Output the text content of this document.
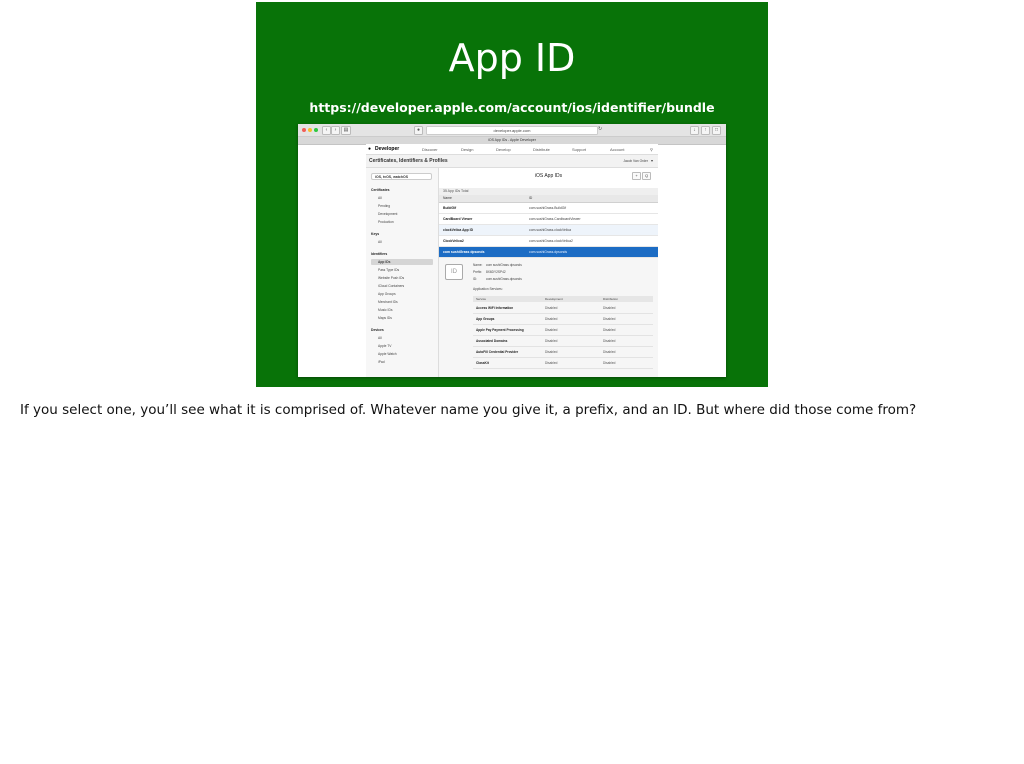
App ID
https://developer.apple.com/account/ios/identifier/bundle
‹	›	▤	●	developer.apple.com	↻	↓	↑	□
iOS App IDs - Apple Developer
● Developer	Discover	Design	Develop	Distribute	Support	Account	⚲
Certificates, Identifiers & Profiles	Jacob Van Order ▾
iOS, tvOS, watchOS
Certificates
All
Pending
Development
Production
Keys
All
Identifiers
App IDs
Pass Type IDs
Website Push IDs
iCloud Containers
App Groups
Merchant IDs
Music IDs
Maps IDs
Devices
All
Apple TV
Apple Watch
iPad
iOS App IDs	+	Q
35 App IDs Total
Name	ID
BuildGif	com.sushiGrass.BuildGif
CardBoard Viewer	com.sushiGrass.CardboardViewer
clockVelica App ID	com.sushiGrass.clockVelica
ClockVelica2	com.sushiGrass.clockVelica2
com sushiGrass dpsonds	com.sushiGrass.dpsonds
ID
Name: com sushiGrass dpsonds
Prefix: 8X6DY2SP42
ID:	com.sushiGrass.dpsonds
Application Services:
Service	Development	Distribution
Access WiFi Information	Disabled	Disabled
App Groups	Disabled	Disabled
Apple Pay Payment Processing	Disabled	Disabled
Associated Domains	Disabled	Disabled
AutoFill Credential Provider	Disabled	Disabled
ClassKit	Disabled	Disabled
If you select one, you’ll see what it is comprised of. Whatever name you give it, a prefix, and an ID. But where did those come from?
